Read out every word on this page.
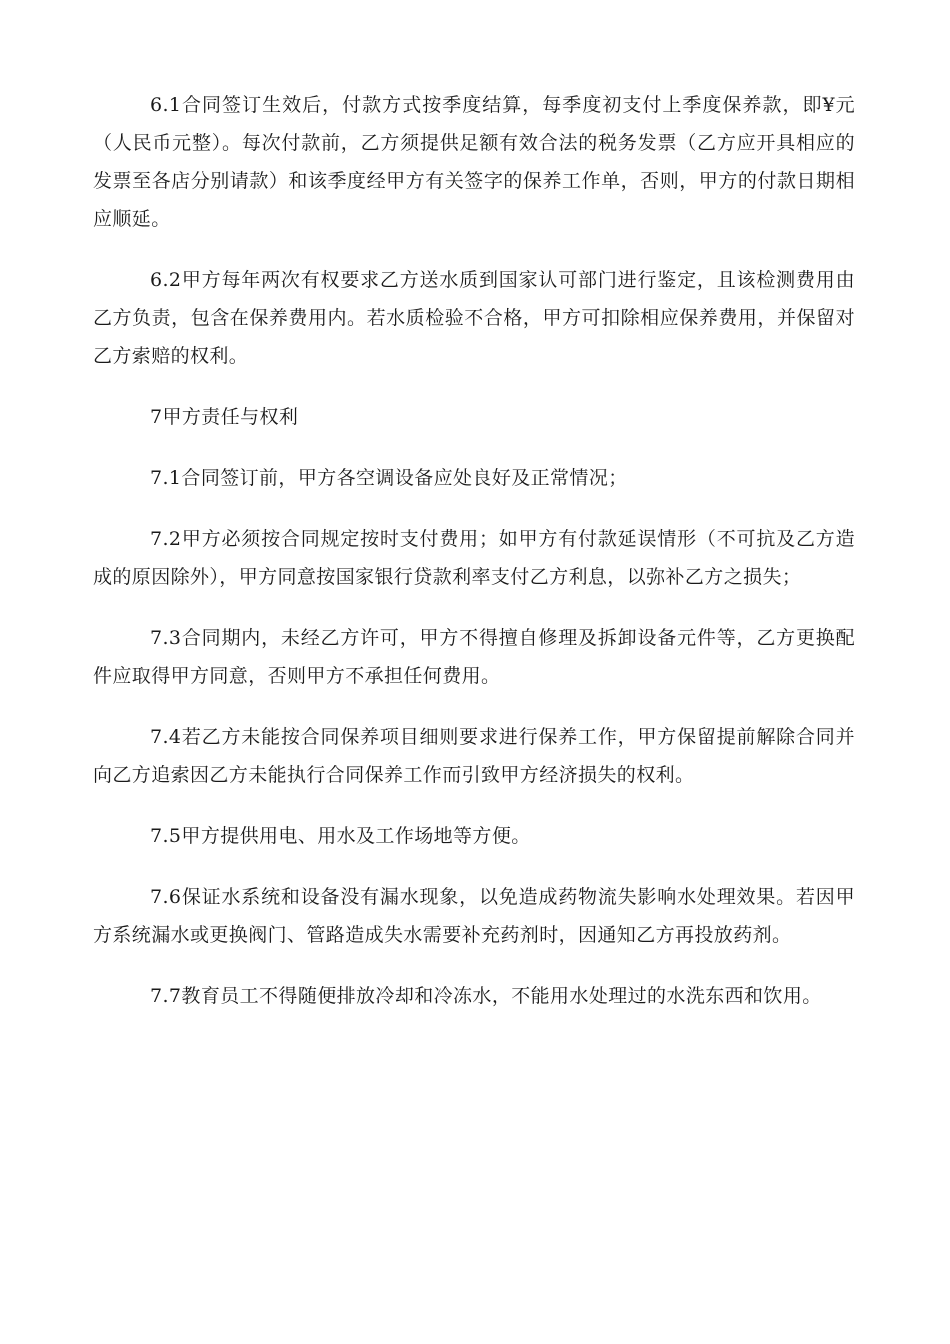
6.1合同签订生效后，付款方式按季度结算，每季度初支付上季度保养款，即¥元（人民币元整）。每次付款前，乙方须提供足额有效合法的税务发票（乙方应开具相应的发票至各店分别请款）和该季度经甲方有关签字的保养工作单，否则，甲方的付款日期相应顺延。

6.2甲方每年两次有权要求乙方送水质到国家认可部门进行鉴定，且该检测费用由乙方负责，包含在保养费用内。若水质检验不合格，甲方可扣除相应保养费用，并保留对乙方索赔的权利。

7甲方责任与权利

7.1合同签订前，甲方各空调设备应处良好及正常情况；

7.2甲方必须按合同规定按时支付费用；如甲方有付款延误情形（不可抗及乙方造成的原因除外），甲方同意按国家银行贷款利率支付乙方利息，以弥补乙方之损失；

7.3合同期内，未经乙方许可，甲方不得擅自修理及拆卸设备元件等，乙方更换配件应取得甲方同意，否则甲方不承担任何费用。

7.4若乙方未能按合同保养项目细则要求进行保养工作，甲方保留提前解除合同并向乙方追索因乙方未能执行合同保养工作而引致甲方经济损失的权利。

7.5甲方提供用电、用水及工作场地等方便。

7.6保证水系统和设备没有漏水现象，以免造成药物流失影响水处理效果。若因甲方系统漏水或更换阀门、管路造成失水需要补充药剂时，因通知乙方再投放药剂。

7.7教育员工不得随便排放冷却和冷冻水，不能用水处理过的水洗东西和饮用。
